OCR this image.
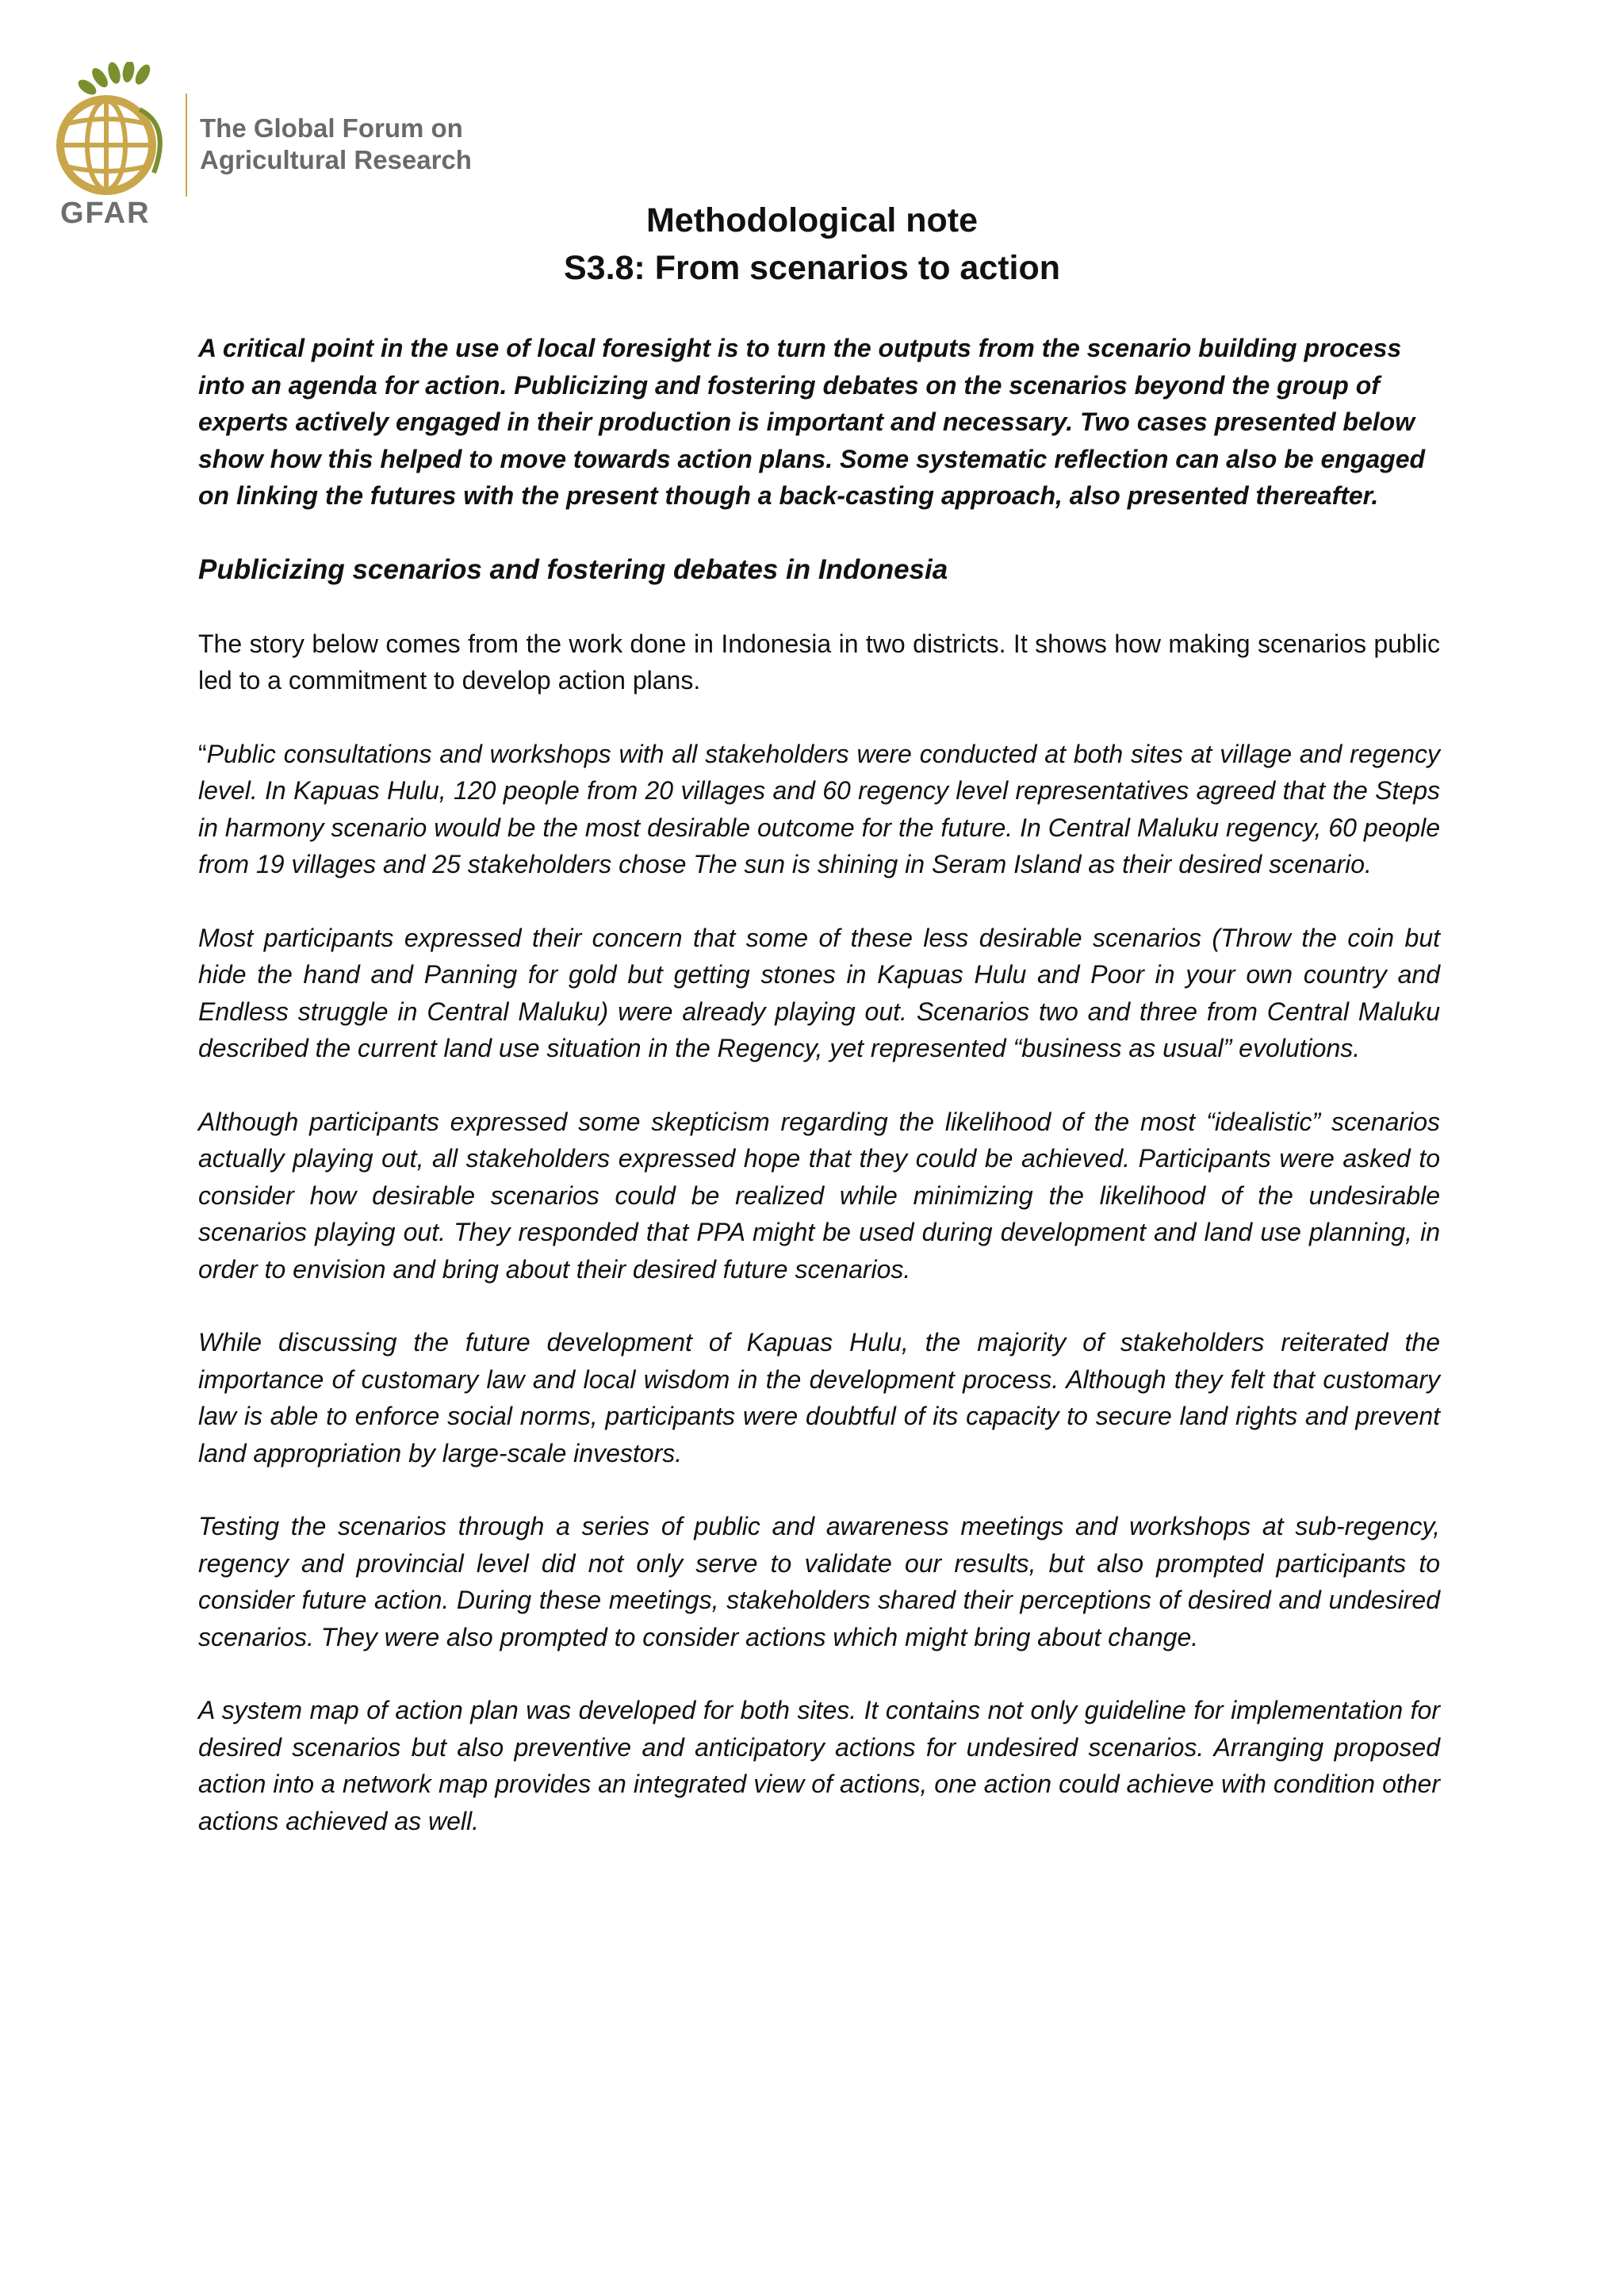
GFAR
The Global Forum on
Agricultural Research
Methodological note
S3.8: From scenarios to action

A critical point in the use of local foresight is to turn the outputs from the scenario building process into an agenda for action. Publicizing and fostering debates on the scenarios beyond the group of experts actively engaged in their production is important and necessary. Two cases presented below show how this helped to move towards action plans. Some systematic reflection can also be engaged on linking the futures with the present though a back-casting approach, also presented thereafter.

Publicizing scenarios and fostering debates in Indonesia

The story below comes from the work done in Indonesia in two districts. It shows how making scenarios public led to a commitment to develop action plans.

“Public consultations and workshops with all stakeholders were conducted at both sites at village and regency level. In Kapuas Hulu, 120 people from 20 villages and 60 regency level representatives agreed that the Steps in harmony scenario would be the most desirable outcome for the future. In Central Maluku regency, 60 people from 19 villages and 25 stakeholders chose The sun is shining in Seram Island as their desired scenario.

Most participants expressed their concern that some of these less desirable scenarios (Throw the coin but hide the hand and Panning for gold but getting stones in Kapuas Hulu and Poor in your own country and Endless struggle in Central Maluku) were already playing out. Scenarios two and three from Central Maluku described the current land use situation in the Regency, yet represented “business as usual” evolutions.

Although participants expressed some skepticism regarding the likelihood of the most “idealistic” scenarios actually playing out, all stakeholders expressed hope that they could be achieved. Participants were asked to consider how desirable scenarios could be realized while minimizing the likelihood of the undesirable scenarios playing out. They responded that PPA might be used during development and land use planning, in order to envision and bring about their desired future scenarios.

While discussing the future development of Kapuas Hulu, the majority of stakeholders reiterated the importance of customary law and local wisdom in the development process. Although they felt that customary law is able to enforce social norms, participants were doubtful of its capacity to secure land rights and prevent land appropriation by large-scale investors.

Testing the scenarios through a series of public and awareness meetings and workshops at sub-regency, regency and provincial level did not only serve to validate our results, but also prompted participants to consider future action. During these meetings, stakeholders shared their perceptions of desired and undesired scenarios. They were also prompted to consider actions which might bring about change.

A system map of action plan was developed for both sites. It contains not only guideline for implementation for desired scenarios but also preventive and anticipatory actions for undesired scenarios. Arranging proposed action into a network map provides an integrated view of actions, one action could achieve with condition other actions achieved as well.
